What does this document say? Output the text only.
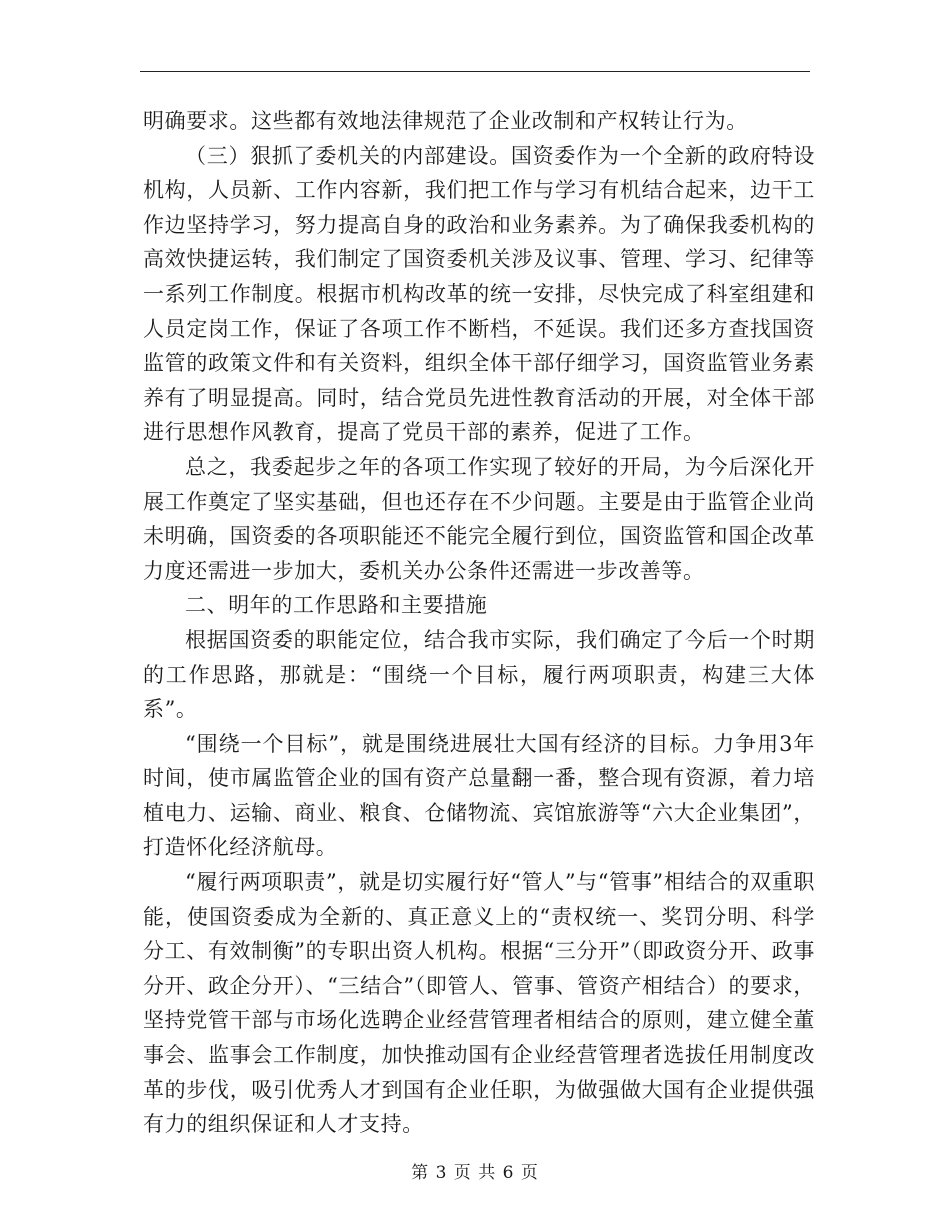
明确要求。这些都有效地法律规范了企业改制和产权转让行为。

（三）狠抓了委机关的内部建设。国资委作为一个全新的政府特设机构，人员新、工作内容新，我们把工作与学习有机结合起来，边干工作边坚持学习，努力提高自身的政治和业务素养。为了确保我委机构的高效快捷运转，我们制定了国资委机关涉及议事、管理、学习、纪律等一系列工作制度。根据市机构改革的统一安排，尽快完成了科室组建和人员定岗工作，保证了各项工作不断档，不延误。我们还多方查找国资监管的政策文件和有关资料，组织全体干部仔细学习，国资监管业务素养有了明显提高。同时，结合党员先进性教育活动的开展，对全体干部进行思想作风教育，提高了党员干部的素养，促进了工作。

总之，我委起步之年的各项工作实现了较好的开局，为今后深化开展工作奠定了坚实基础，但也还存在不少问题。主要是由于监管企业尚未明确，国资委的各项职能还不能完全履行到位，国资监管和国企改革力度还需进一步加大，委机关办公条件还需进一步改善等。

二、明年的工作思路和主要措施

根据国资委的职能定位，结合我市实际，我们确定了今后一个时期的工作思路，那就是：“围绕一个目标，履行两项职责，构建三大体系”。

“围绕一个目标”，就是围绕进展壮大国有经济的目标。力争用3年时间，使市属监管企业的国有资产总量翻一番，整合现有资源，着力培植电力、运输、商业、粮食、仓储物流、宾馆旅游等“六大企业集团”，打造怀化经济航母。

“履行两项职责”，就是切实履行好“管人”与“管事”相结合的双重职能，使国资委成为全新的、真正意义上的“责权统一、奖罚分明、科学分工、有效制衡”的专职出资人机构。根据“三分开”（即政资分开、政事分开、政企分开）、“三结合”（即管人、管事、管资产相结合）的要求，坚持党管干部与市场化选聘企业经营管理者相结合的原则，建立健全董事会、监事会工作制度，加快推动国有企业经营管理者选拔任用制度改革的步伐，吸引优秀人才到国有企业任职，为做强做大国有企业提供强有力的组织保证和人才支持。

第 3 页 共 6 页
